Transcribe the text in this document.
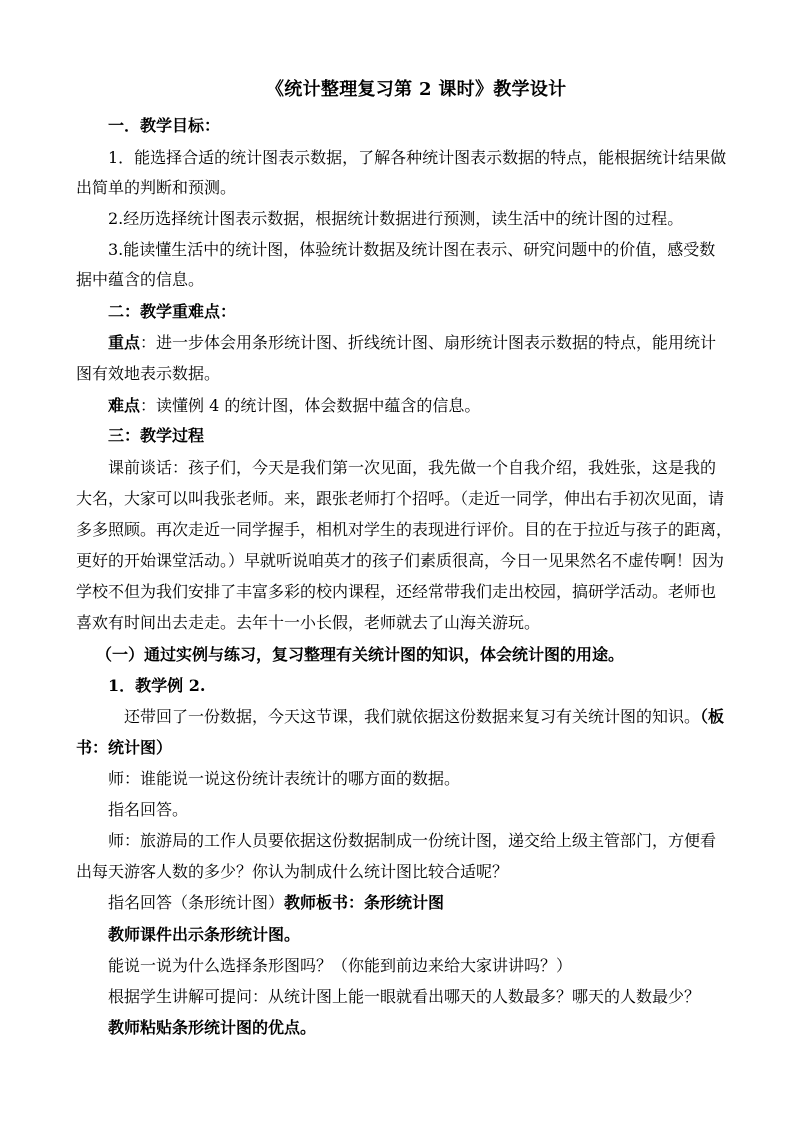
《统计整理复习第 2 课时》教学设计
一．教学目标：
1．能选择合适的统计图表示数据，了解各种统计图表示数据的特点，能根据统计结果做
出简单的判断和预测。
2.经历选择统计图表示数据，根据统计数据进行预测，读生活中的统计图的过程。
3.能读懂生活中的统计图，体验统计数据及统计图在表示、研究问题中的价值，感受数
据中蕴含的信息。
二：教学重难点：
重点：进一步体会用条形统计图、折线统计图、扇形统计图表示数据的特点，能用统计
图有效地表示数据。
难点：读懂例 4 的统计图，体会数据中蕴含的信息。
三：教学过程
课前谈话：孩子们，今天是我们第一次见面，我先做一个自我介绍，我姓张，这是我的
大名，大家可以叫我张老师。来，跟张老师打个招呼。（走近一同学，伸出右手初次见面，请
多多照顾。再次走近一同学握手，相机对学生的表现进行评价。目的在于拉近与孩子的距离，
更好的开始课堂活动。）早就听说咱英才的孩子们素质很高，今日一见果然名不虚传啊！因为
学校不但为我们安排了丰富多彩的校内课程，还经常带我们走出校园，搞研学活动。老师也
喜欢有时间出去走走。去年十一小长假，老师就去了山海关游玩。
（一）通过实例与练习，复习整理有关统计图的知识，体会统计图的用途。
1．教学例 2.
还带回了一份数据，今天这节课，我们就依据这份数据来复习有关统计图的知识。（板
书：统计图）
师：谁能说一说这份统计表统计的哪方面的数据。
指名回答。
师：旅游局的工作人员要依据这份数据制成一份统计图，递交给上级主管部门，方便看
出每天游客人数的多少？你认为制成什么统计图比较合适呢？
指名回答（条形统计图）教师板书：条形统计图
教师课件出示条形统计图。
能说一说为什么选择条形图吗？（你能到前边来给大家讲讲吗？）
根据学生讲解可提问：从统计图上能一眼就看出哪天的人数最多？哪天的人数最少？
教师粘贴条形统计图的优点。
